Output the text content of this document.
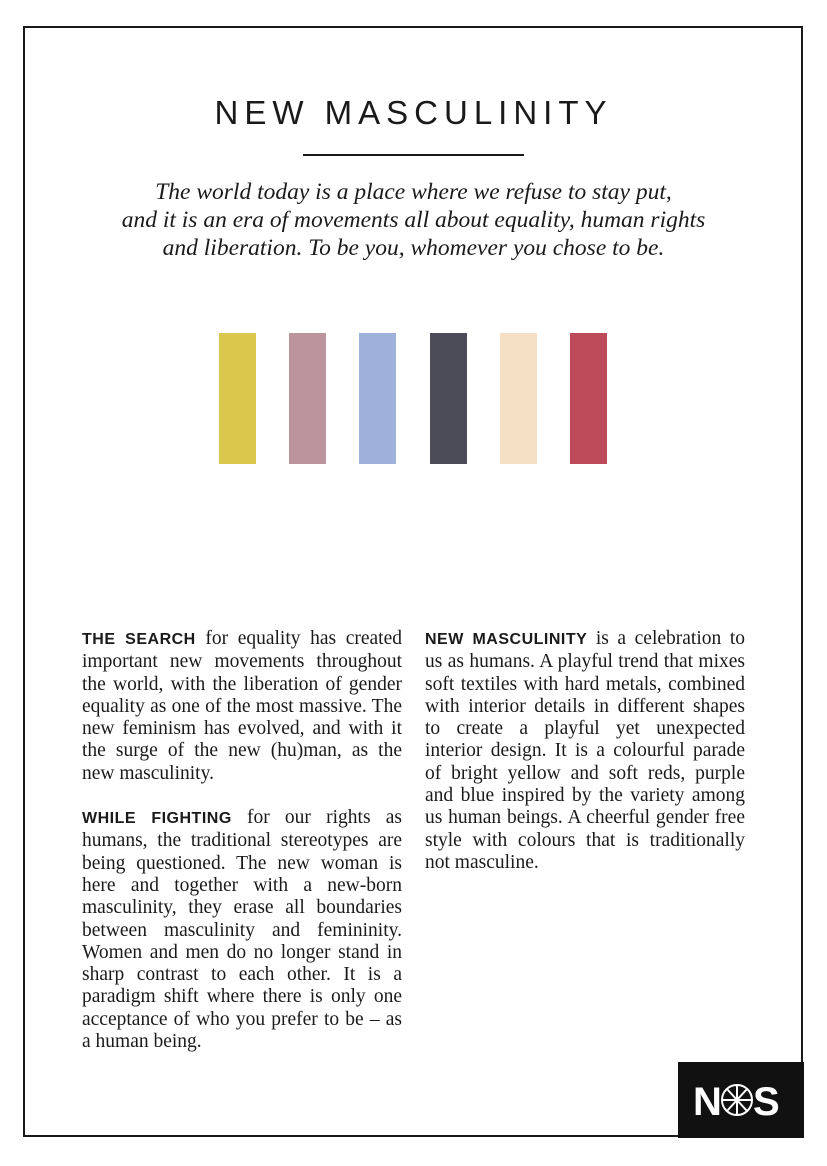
NEW MASCULINITY

The world today is a place where we refuse to stay put,
and it is an era of movements all about equality, human rights
and liberation. To be you, whomever you chose to be.

THE SEARCH for equality has created important new movements throughout the world, with the liberation of gender equality as one of the most massive. The new feminism has evolved, and with it the surge of the new (hu)man, as the new masculinity.

WHILE FIGHTING for our rights as humans, the traditional stereotypes are being questioned. The new woman is here and together with a new-born masculinity, they erase all boundaries between masculinity and femininity. Women and men do no longer stand in sharp contrast to each other. It is a paradigm shift where there is only one acceptance of who you prefer to be – as a human being.

NEW MASCULINITY is a celebration to us as humans. A playful trend that mixes soft textiles with hard metals, combined with interior details in different shapes to create a playful yet unexpected interior design. It is a colourful parade of bright yellow and soft reds, purple and blue inspired by the variety among us human beings. A cheerful gender free style with colours that is traditionally not masculine.

N S
